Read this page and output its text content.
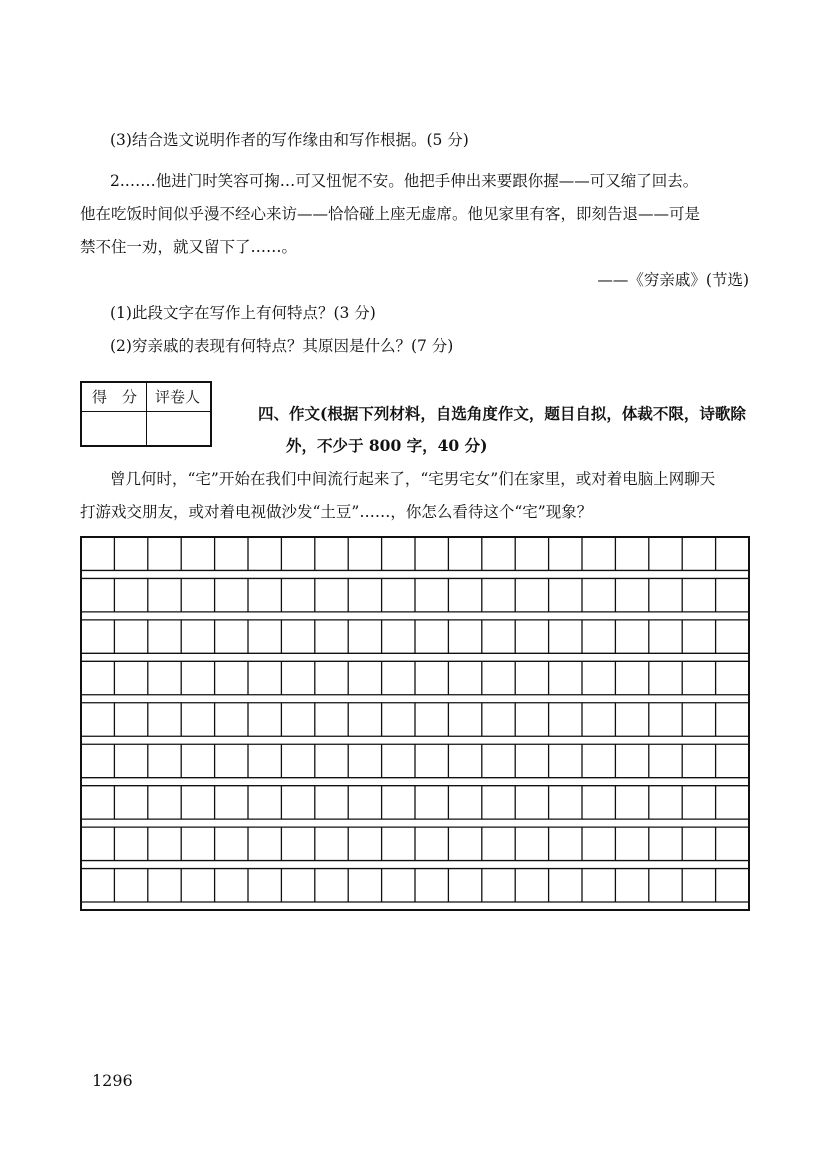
(3)结合选文说明作者的写作缘由和写作根据。(5 分)
2.……他进门时笑容可掬…可又忸怩不安。他把手伸出来要跟你握——可又缩了回去。
他在吃饭时间似乎漫不经心来访——恰恰碰上座无虚席。他见家里有客，即刻告退——可是
禁不住一劝，就又留下了……。
——《穷亲戚》(节选)
(1)此段文字在写作上有何特点？(3 分)
(2)穷亲戚的表现有何特点？其原因是什么？(7 分)
得　分 评卷人
四、作文(根据下列材料，自选角度作文，题目自拟，体裁不限，诗歌除
外，不少于 800 字，40 分)
曾几何时，“宅”开始在我们中间流行起来了，“宅男宅女”们在家里，或对着电脑上网聊天
打游戏交朋友，或对着电视做沙发“土豆”……，你怎么看待这个“宅”现象？
1296
